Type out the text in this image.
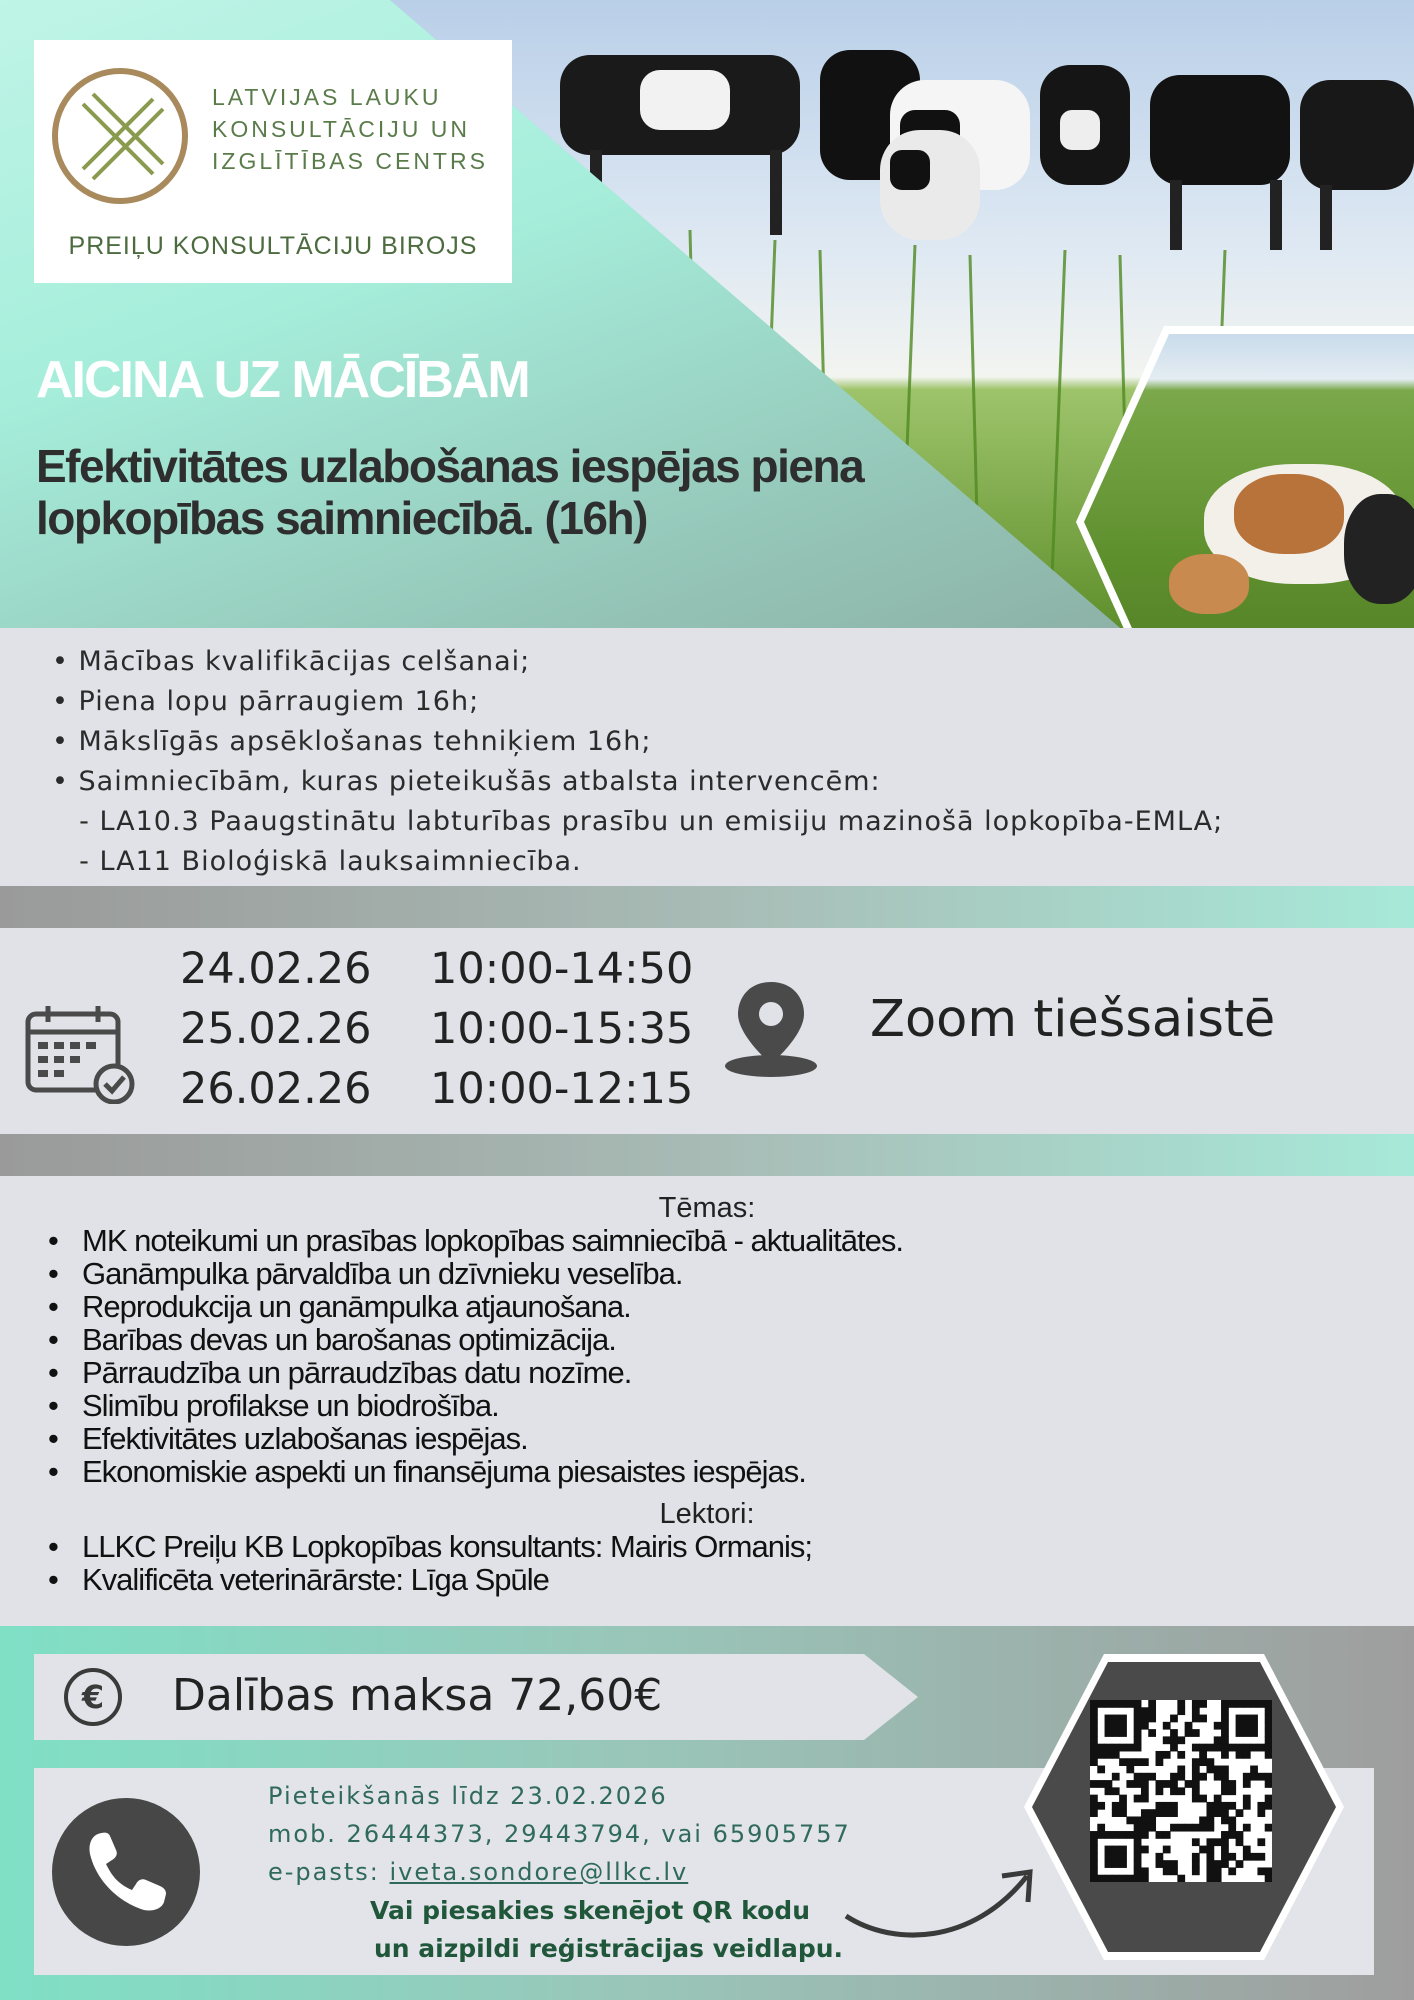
LATVIJAS LAUKU
KONSULTĀCIJU UN
IZGLĪTĪBAS CENTRS
PREIĻU KONSULTĀCIJU BIROJS
AICINA UZ MĀCĪBĀM
Efektivitātes uzlabošanas iespējas piena lopkopības saimniecībā. (16h)
• Mācības kvalifikācijas celšanai;
• Piena lopu pārraugiem 16h;
• Mākslīgās apsēklošanas tehniķiem 16h;
• Saimniecībām, kuras pieteikušās atbalsta intervencēm:
- LA10.3 Paaugstinātu labturības prasību un emisiju mazinošā lopkopība-EMLA;
- LA11 Bioloģiskā lauksaimniecība.
24.02.26
25.02.26
26.02.26
10:00-14:50
10:00-15:35
10:00-12:15
Zoom tiešsaistē
Tēmas:
MK noteikumi un prasības lopkopības saimniecībā - aktualitātes.
Ganāmpulka pārvaldība un dzīvnieku veselība.
Reprodukcija un ganāmpulka atjaunošana.
Barības devas un barošanas optimizācija.
Pārraudzība un pārraudzības datu nozīme.
Slimību profilakse un biodrošība.
Efektivitātes uzlabošanas iespējas.
Ekonomiskie aspekti un finansējuma piesaistes iespējas.
Lektori:
LLKC Preiļu KB Lopkopības konsultants: Mairis Ormanis;
Kvalificēta veterinārārste: Līga Spūle
€	Dalības maksa 72,60€
Pieteikšanās līdz 23.02.2026
mob. 26444373, 29443794, vai 65905757
e-pasts: iveta.sondore@llkc.lv
Vai piesakies skenējot QR kodu
un aizpildi reģistrācijas veidlapu.
